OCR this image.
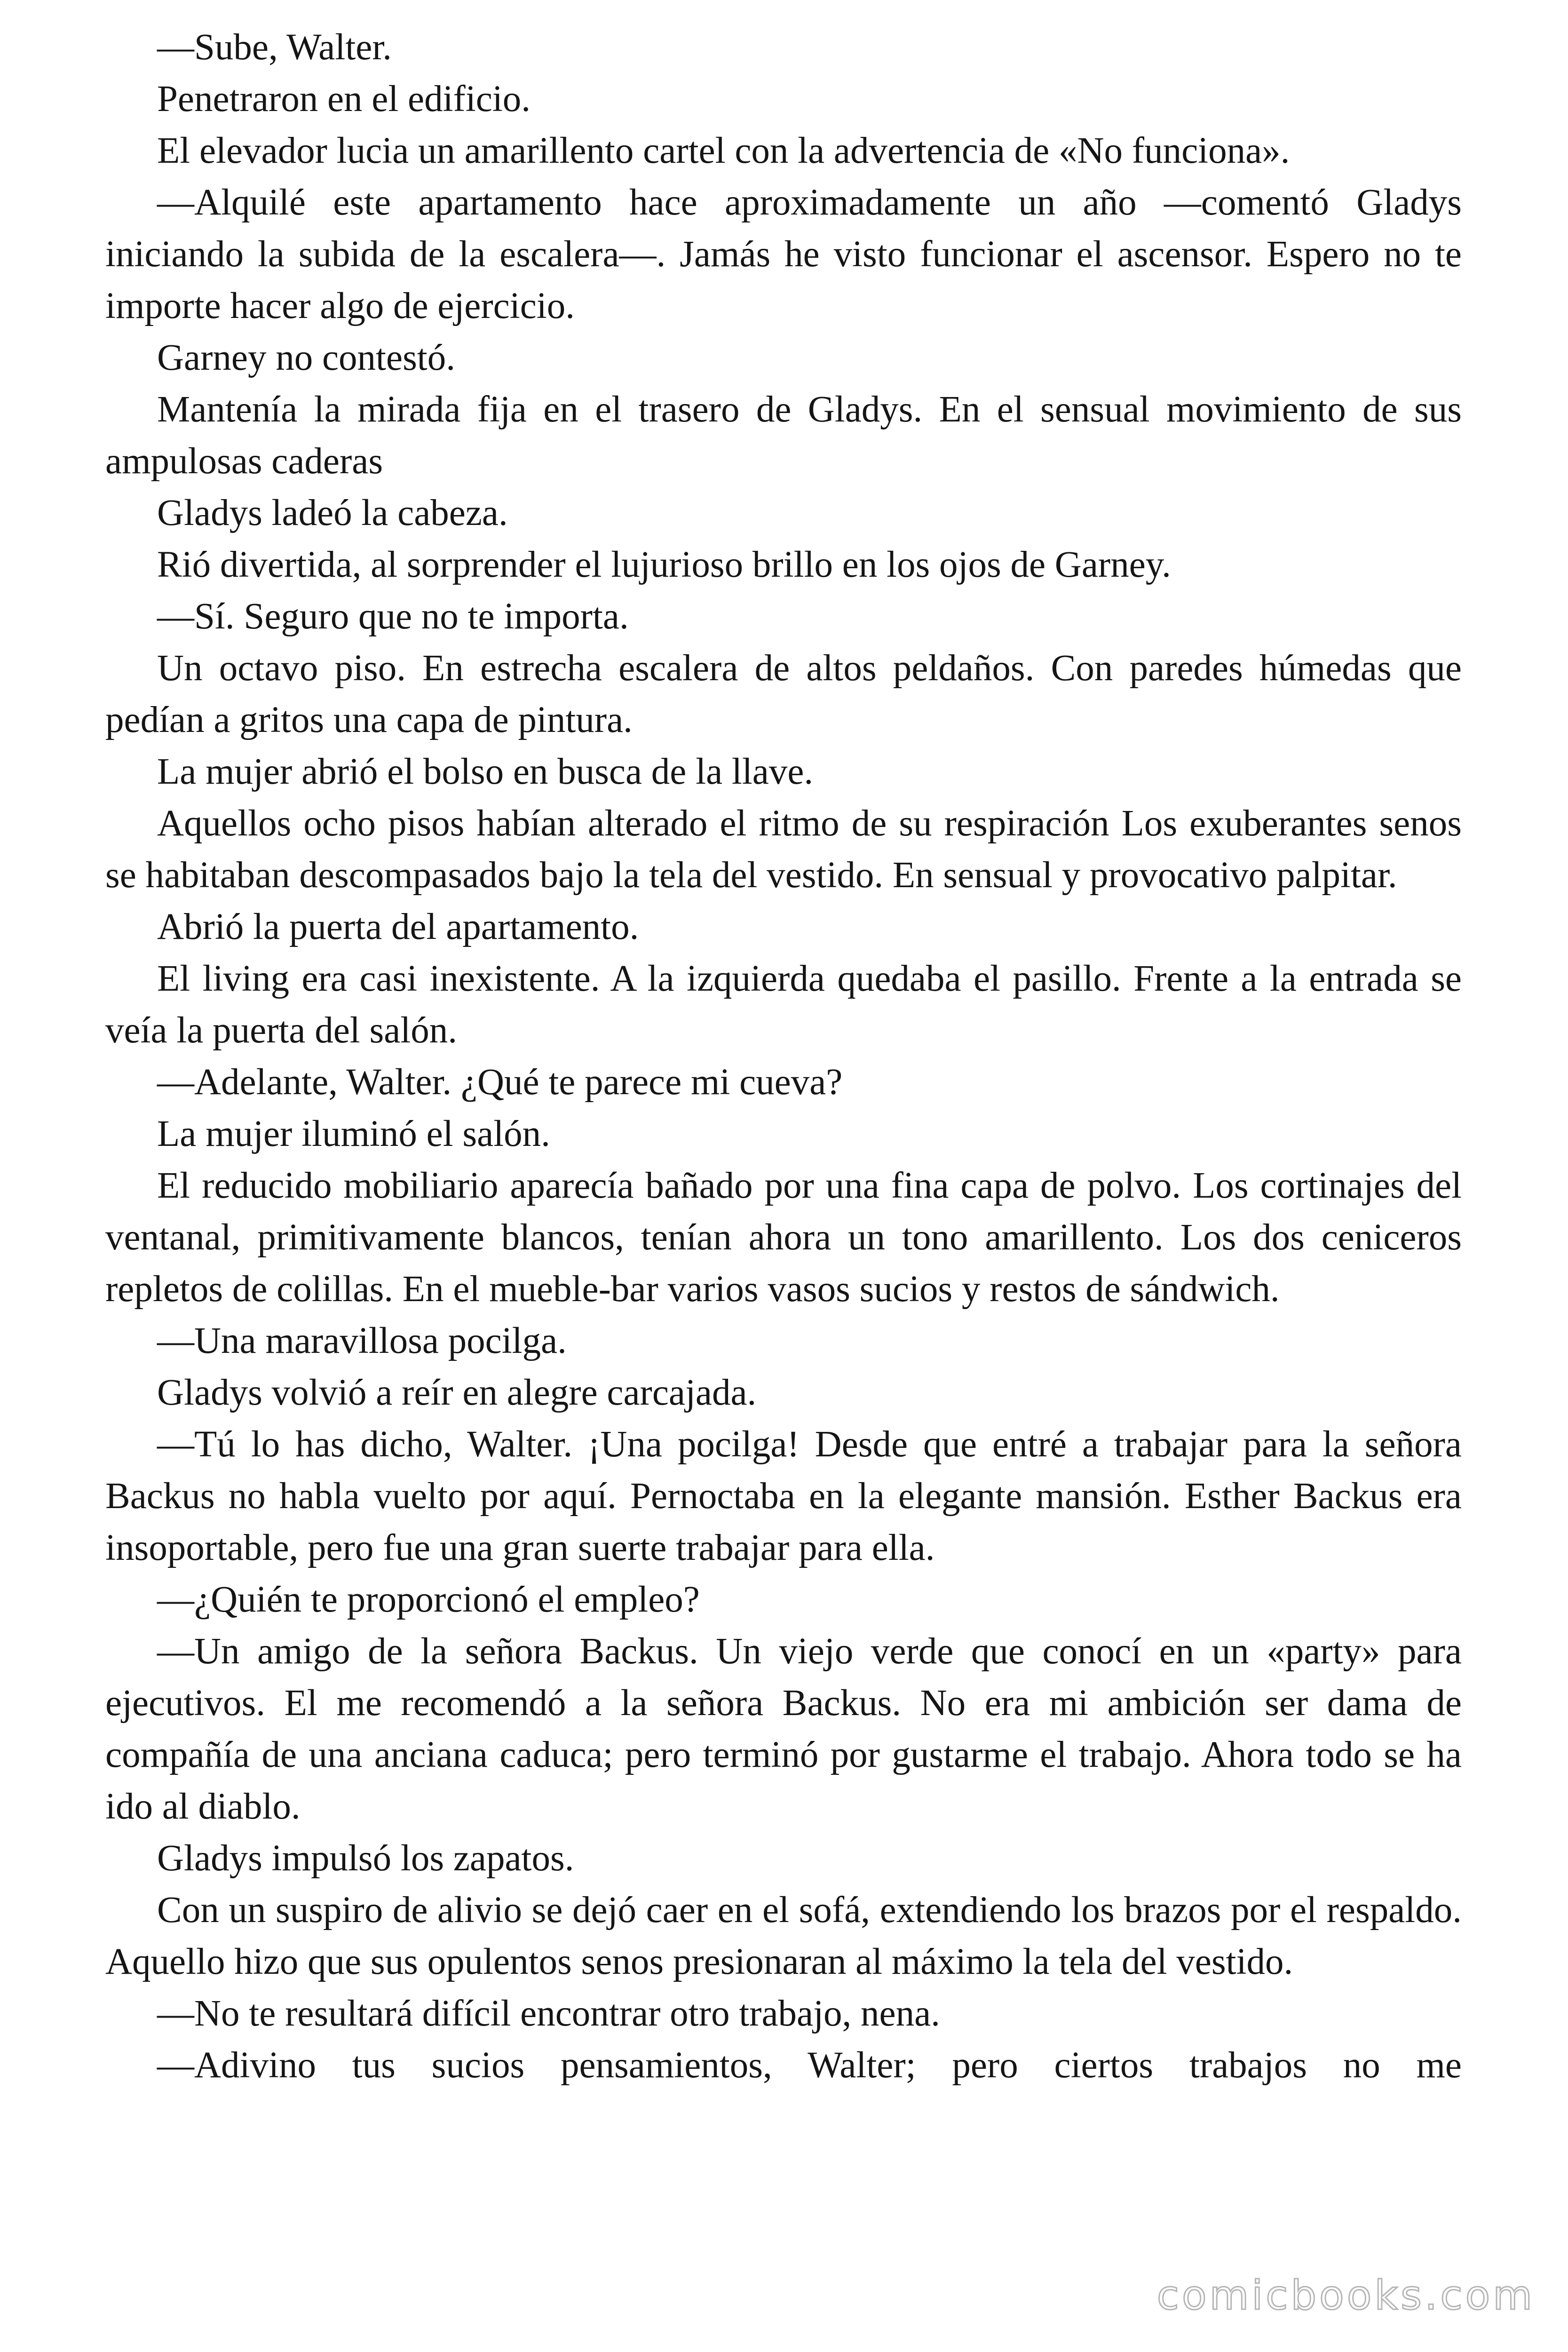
—Sube, Walter.

Penetraron en el edificio.

El elevador lucia un amarillento cartel con la advertencia de «No funciona».

—Alquilé este apartamento hace aproximadamente un año —comentó Gladys iniciando la subida de la escalera—. Jamás he visto funcionar el ascensor. Espero no te importe hacer algo de ejercicio.

Garney no contestó.

Mantenía la mirada fija en el trasero de Gladys. En el sensual movimiento de sus ampulosas caderas

Gladys ladeó la cabeza.

Rió divertida, al sorprender el lujurioso brillo en los ojos de Garney.

—Sí. Seguro que no te importa.

Un octavo piso. En estrecha escalera de altos peldaños. Con paredes húmedas que pedían a gritos una capa de pintura.

La mujer abrió el bolso en busca de la llave.

Aquellos ocho pisos habían alterado el ritmo de su respiración Los exuberantes senos se habitaban descompasados bajo la tela del vestido. En sensual y provocativo palpitar.

Abrió la puerta del apartamento.

El living era casi inexistente. A la izquierda quedaba el pasillo. Frente a la entrada se veía la puerta del salón.

—Adelante, Walter. ¿Qué te parece mi cueva?

La mujer iluminó el salón.

El reducido mobiliario aparecía bañado por una fina capa de polvo. Los cortinajes del ventanal, primitivamente blancos, tenían ahora un tono amarillento. Los dos ceniceros repletos de colillas. En el mueble-bar varios vasos sucios y restos de sándwich.

—Una maravillosa pocilga.

Gladys volvió a reír en alegre carcajada.

—Tú lo has dicho, Walter. ¡Una pocilga! Desde que entré a trabajar para la señora Backus no habla vuelto por aquí. Pernoctaba en la elegante mansión. Esther Backus era insoportable, pero fue una gran suerte trabajar para ella.

—¿Quién te proporcionó el empleo?

—Un amigo de la señora Backus. Un viejo verde que conocí en un «party» para ejecutivos. El me recomendó a la señora Backus. No era mi ambición ser dama de compañía de una anciana caduca; pero terminó por gustarme el trabajo. Ahora todo se ha ido al diablo.

Gladys impulsó los zapatos.

Con un suspiro de alivio se dejó caer en el sofá, extendiendo los brazos por el respaldo. Aquello hizo que sus opulentos senos presionaran al máximo la tela del vestido.

—No te resultará difícil encontrar otro trabajo, nena.

—Adivino tus sucios pensamientos, Walter; pero ciertos trabajos no me

comicbooks.com
